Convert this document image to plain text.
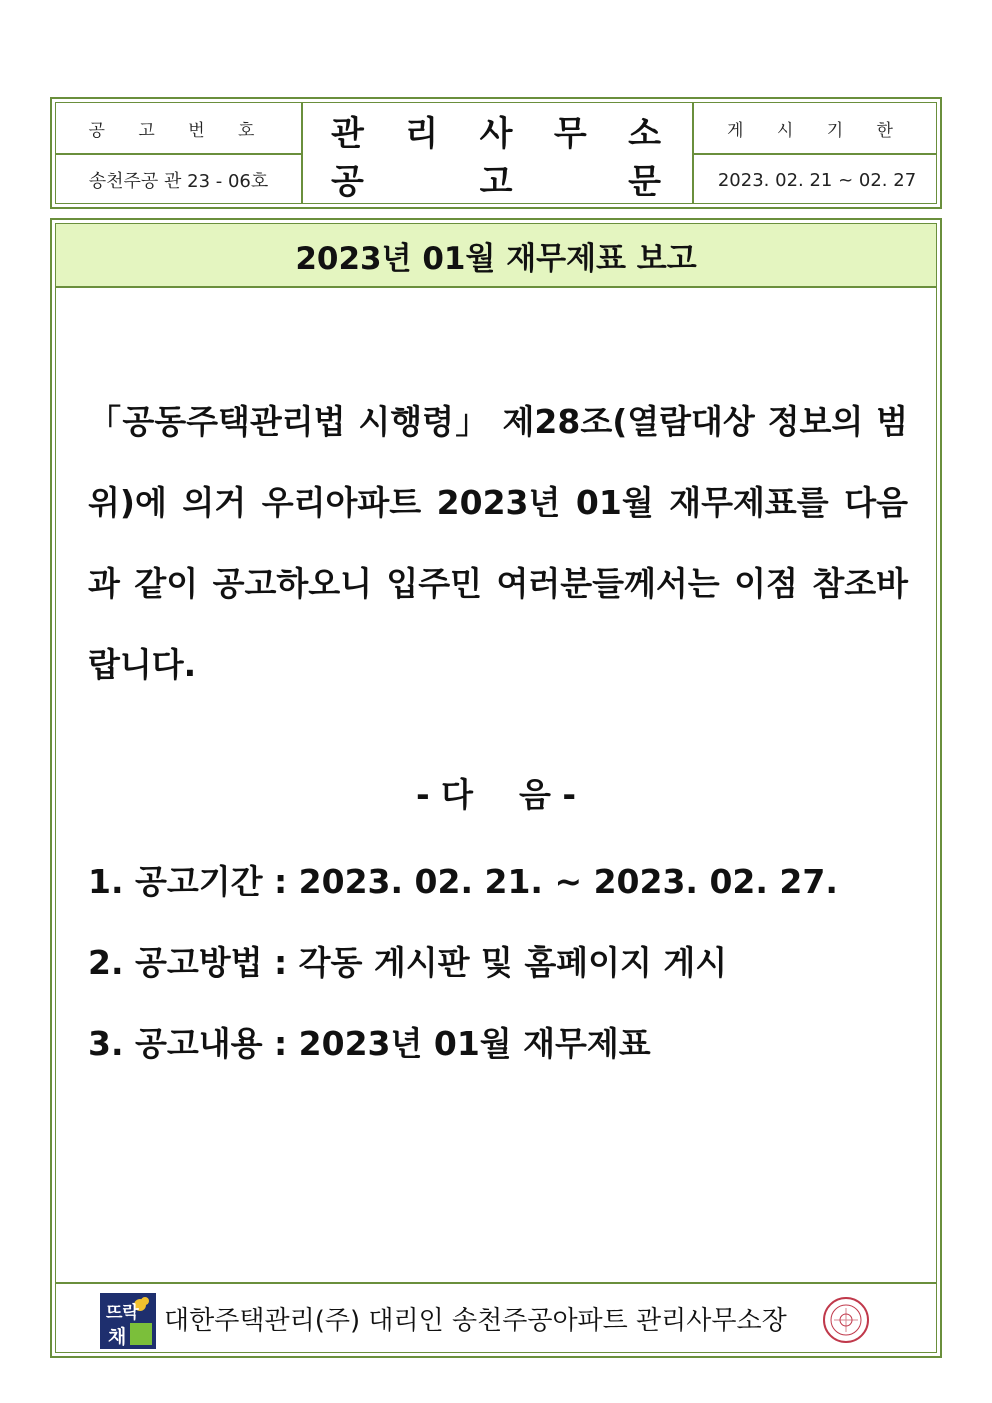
공 고 번 호
송천주공 관 23 - 06호
관 리 사 무 소
공	고	문
게 시 기 한
2023. 02. 21 ~ 02. 27
2023년 01월 재무제표 보고
「공동주택관리법 시행령」 제28조(열람대상 정보의 범
위)에 의거 우리아파트 2023년 01월 재무제표를 다음
과 같이 공고하오니 입주민 여러분들께서는 이점 참조바
랍니다.
- 다    음 -
1. 공고기간 : 2023. 02. 21. ~ 2023. 02. 27.
2. 공고방법 : 각동 게시판 및 홈페이지 게시
3. 공고내용 : 2023년 01월 재무제표
뜨락
채
대한주택관리(주) 대리인 송천주공아파트 관리사무소장
